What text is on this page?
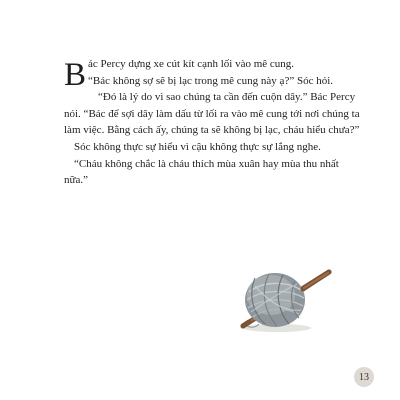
Bác Percy dựng xe cút kít cạnh lối vào mê cung.

“Bác không sợ sẽ bị lạc trong mê cung này ạ?” Sóc hỏi.

“Đó là lý do vì sao chúng ta cần đến cuộn dây.” Bác Percy nói. “Bác để sợi dây làm dấu từ lối ra vào mê cung tới nơi chúng ta làm việc. Bằng cách ấy, chúng ta sẽ không bị lạc, cháu hiểu chưa?”

Sóc không thực sự hiểu vì cậu không thực sự lắng nghe.

“Cháu không chắc là cháu thích mùa xuân hay mùa thu nhất nữa.”

13
